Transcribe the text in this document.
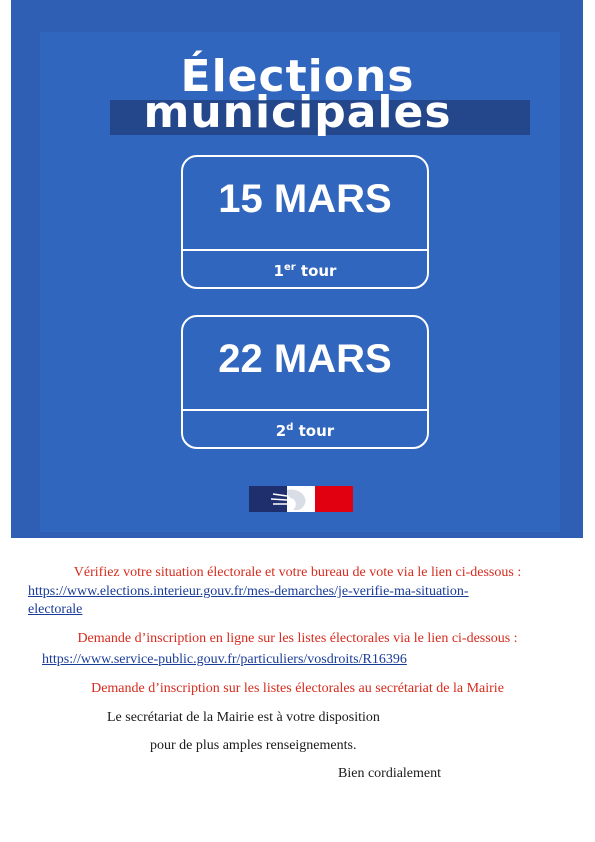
Élections
municipales
15 MARS
1er tour
22 MARS
2$^d$ tour
Vérifiez votre situation électorale et votre bureau de vote via le lien ci-dessous :
https://www.elections.interieur.gouv.fr/mes-demarches/je-verifie-ma-situation-
electorale
Demande d’inscription en ligne sur les listes électorales via le lien ci-dessous :
https://www.service-public.gouv.fr/particuliers/vosdroits/R16396
Demande d’inscription sur les listes électorales au secrétariat de la Mairie
Le secrétariat de la Mairie est à votre disposition
pour de plus amples renseignements.
Bien cordialement
